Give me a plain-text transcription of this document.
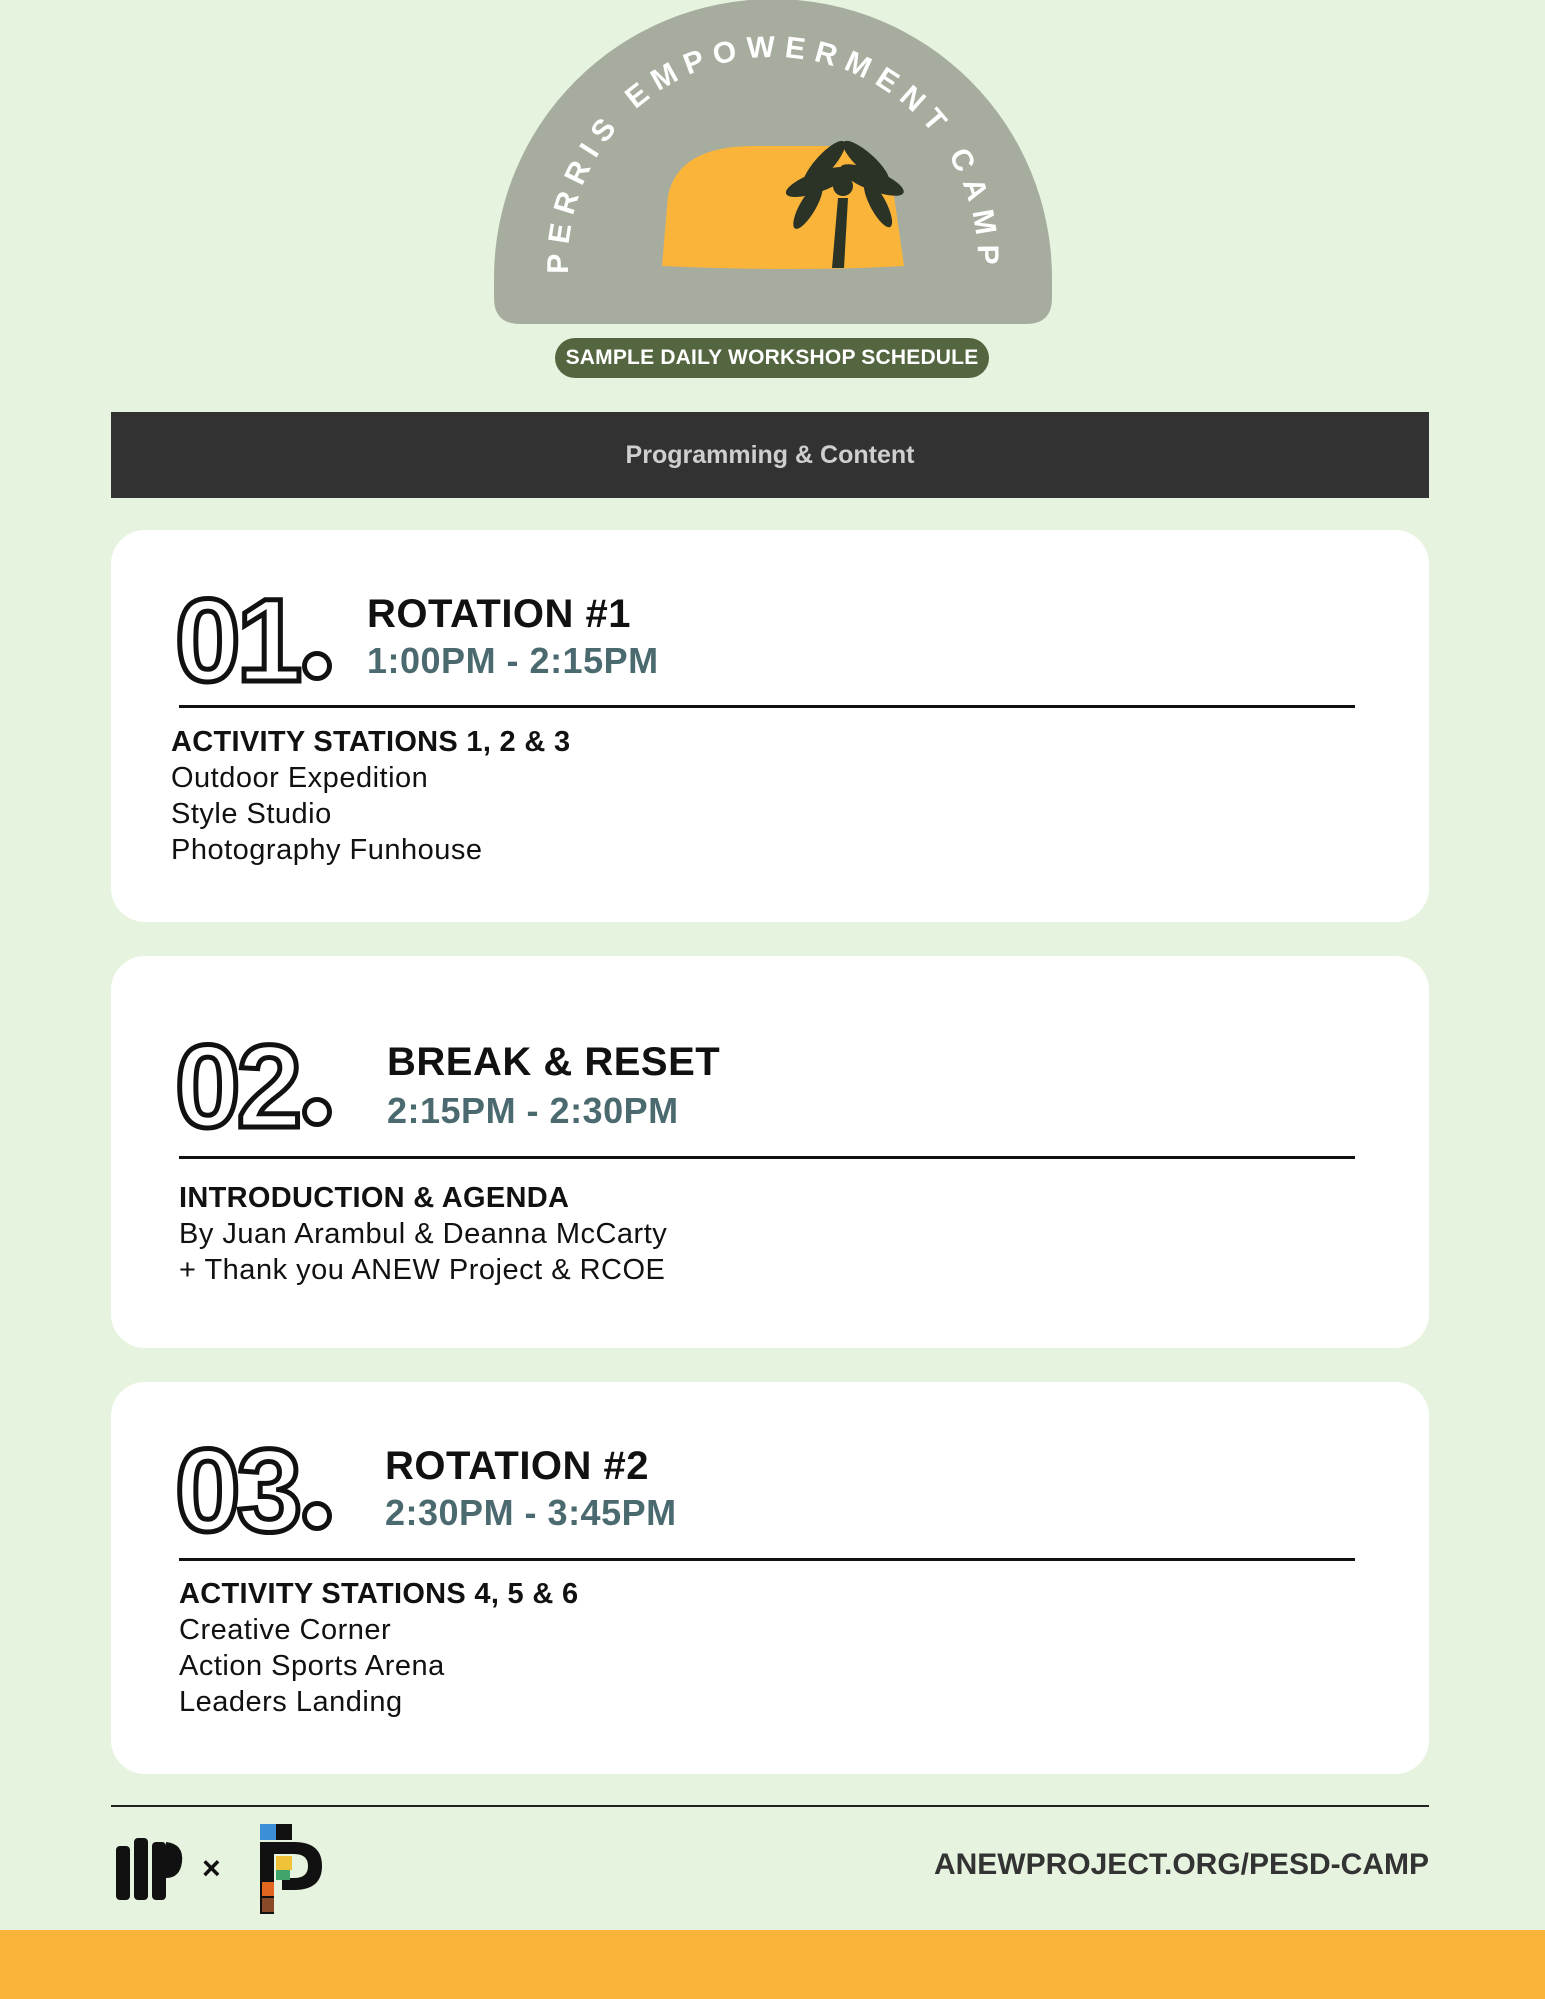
PERRIS EMPOWERMENT CAMP
SAMPLE DAILY WORKSHOP SCHEDULE
Programming & Content
01	ROTATION #1
1:00PM - 2:15PM
ACTIVITY STATIONS 1, 2 & 3
Outdoor Expedition
Style Studio
Photography Funhouse
02	BREAK & RESET
2:15PM - 2:30PM
INTRODUCTION & AGENDA
By Juan Arambul & Deanna McCarty
+ Thank you ANEW Project & RCOE
03	ROTATION #2
2:30PM - 3:45PM
ACTIVITY STATIONS 4, 5 & 6
Creative Corner
Action Sports Arena
Leaders Landing
×	ANEWPROJECT.ORG/PESD-CAMP
